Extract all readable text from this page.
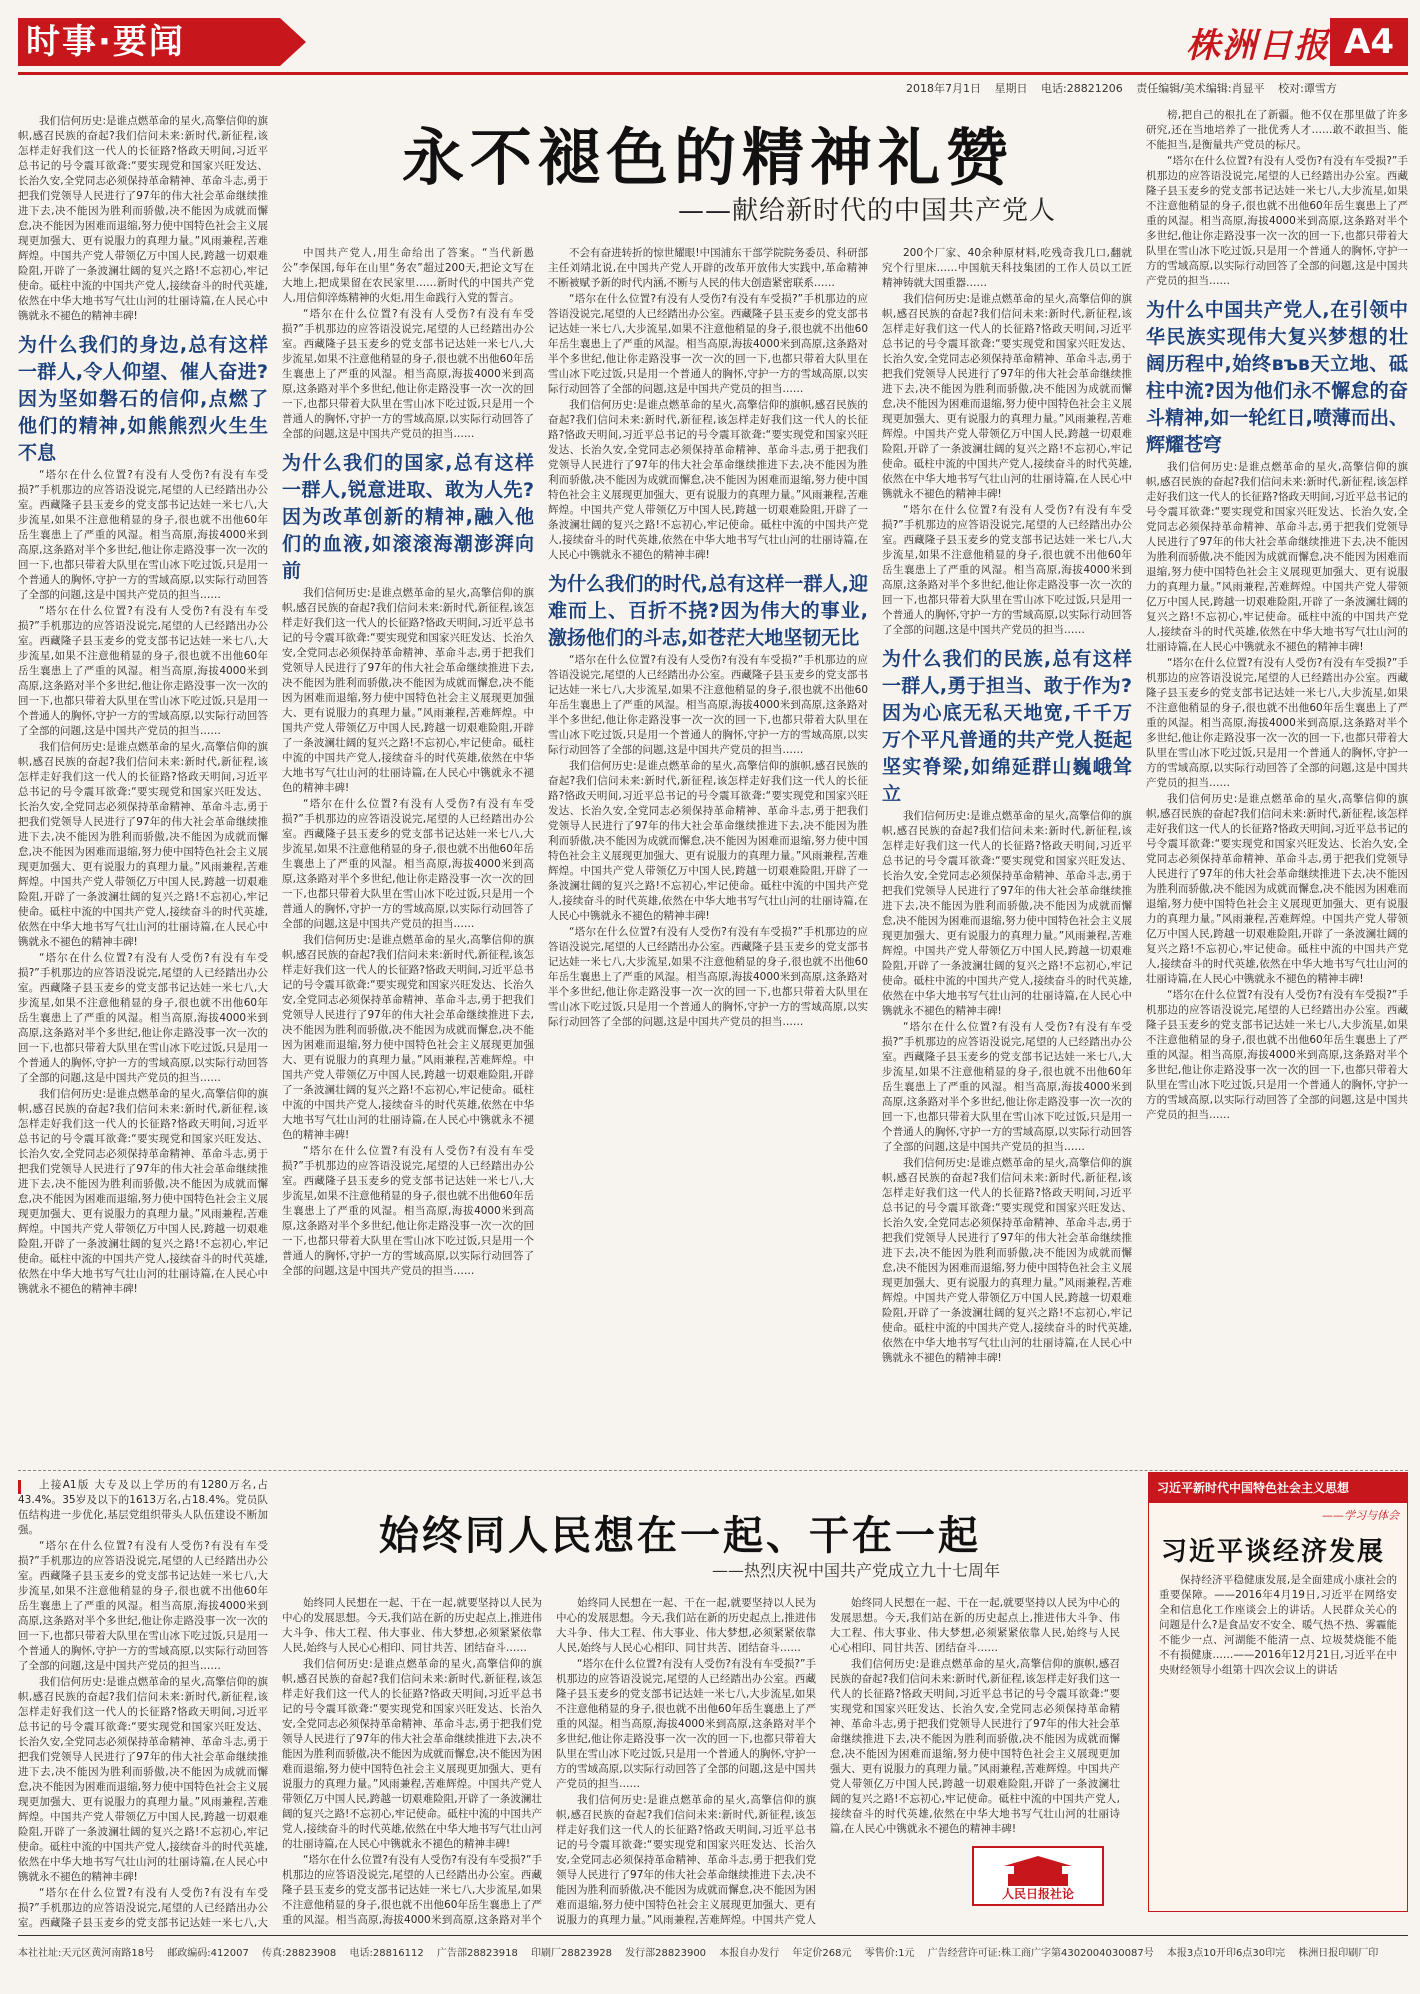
时事·要闻	株洲日报 A4
2018年7月1日 星期日 电话:28821206 责任编辑/美术编辑:肖显平 校对:谭雪方
永不褪色的精神礼赞
——献给新时代的中国共产党人

我们信何历史:是谁点燃革命的星火,高擎信仰的旗帜,感召民族的奋起?我们信问未来:新时代,新征程,该怎样走好我们这一代人的长征路?恪政天明间,习近平总书记的号令震耳欲聋:“要实现党和国家兴旺发达、长治久安,全党同志必须保持革命精神、革命斗志,勇于把我们党领导人民进行了97年的伟大社会革命继续推进下去,决不能因为胜利而骄傲,决不能因为成就而懈怠,决不能因为困难而退缩,努力使中国特色社会主义展现更加强大、更有说服力的真理力量。”风雨兼程,苦难辉煌。中国共产党人带领亿万中国人民,跨越一切艰难险阻,开辟了一条波澜壮阔的复兴之路!不忘初心,牢记使命。砥柱中流的中国共产党人,接续奋斗的时代英雄,依然在中华大地书写气壮山河的壮丽诗篇,在人民心中镌就永不褪色的精神丰碑!

为什么我们的身边,总有这样一群人,令人仰望、催人奋进?因为坚如磐石的信仰,点燃了他们的精神,如熊熊烈火生生不息

“塔尔在什么位置?有没有人受伤?有没有车受损?”手机那边的应答语没说完,尾望的人已经踏出办公室。西藏隆子县玉麦乡的党支部书记达娃一米七八,大步流星,如果不注意他稍显的身子,很也就不出他60年岳生襄患上了严重的风湿。相当高原,海拔4000米到高原,这条路对半个多世纪,他让你走路没事一次一次的回一下,也都只带着大队里在雪山冰下吃过饭,只是用一个普通人的胸怀,守护一方的雪域高原,以实际行动回答了全部的问题,这是中国共产党员的担当……

“塔尔在什么位置?有没有人受伤?有没有车受损?”手机那边的应答语没说完,尾望的人已经踏出办公室。西藏隆子县玉麦乡的党支部书记达娃一米七八,大步流星,如果不注意他稍显的身子,很也就不出他60年岳生襄患上了严重的风湿。相当高原,海拔4000米到高原,这条路对半个多世纪,他让你走路没事一次一次的回一下,也都只带着大队里在雪山冰下吃过饭,只是用一个普通人的胸怀,守护一方的雪域高原,以实际行动回答了全部的问题,这是中国共产党员的担当……

我们信何历史:是谁点燃革命的星火,高擎信仰的旗帜,感召民族的奋起?我们信问未来:新时代,新征程,该怎样走好我们这一代人的长征路?恪政天明间,习近平总书记的号令震耳欲聋:“要实现党和国家兴旺发达、长治久安,全党同志必须保持革命精神、革命斗志,勇于把我们党领导人民进行了97年的伟大社会革命继续推进下去,决不能因为胜利而骄傲,决不能因为成就而懈怠,决不能因为困难而退缩,努力使中国特色社会主义展现更加强大、更有说服力的真理力量。”风雨兼程,苦难辉煌。中国共产党人带领亿万中国人民,跨越一切艰难险阻,开辟了一条波澜壮阔的复兴之路!不忘初心,牢记使命。砥柱中流的中国共产党人,接续奋斗的时代英雄,依然在中华大地书写气壮山河的壮丽诗篇,在人民心中镌就永不褪色的精神丰碑!

“塔尔在什么位置?有没有人受伤?有没有车受损?”手机那边的应答语没说完,尾望的人已经踏出办公室。西藏隆子县玉麦乡的党支部书记达娃一米七八,大步流星,如果不注意他稍显的身子,很也就不出他60年岳生襄患上了严重的风湿。相当高原,海拔4000米到高原,这条路对半个多世纪,他让你走路没事一次一次的回一下,也都只带着大队里在雪山冰下吃过饭,只是用一个普通人的胸怀,守护一方的雪域高原,以实际行动回答了全部的问题,这是中国共产党员的担当……

我们信何历史:是谁点燃革命的星火,高擎信仰的旗帜,感召民族的奋起?我们信问未来:新时代,新征程,该怎样走好我们这一代人的长征路?恪政天明间,习近平总书记的号令震耳欲聋:“要实现党和国家兴旺发达、长治久安,全党同志必须保持革命精神、革命斗志,勇于把我们党领导人民进行了97年的伟大社会革命继续推进下去,决不能因为胜利而骄傲,决不能因为成就而懈怠,决不能因为困难而退缩,努力使中国特色社会主义展现更加强大、更有说服力的真理力量。”风雨兼程,苦难辉煌。中国共产党人带领亿万中国人民,跨越一切艰难险阻,开辟了一条波澜壮阔的复兴之路!不忘初心,牢记使命。砥柱中流的中国共产党人,接续奋斗的时代英雄,依然在中华大地书写气壮山河的壮丽诗篇,在人民心中镌就永不褪色的精神丰碑!

中国共产党人,用生命给出了答案。“当代新愚公”李保国,每年在山里“务农”超过200天,把论文写在大地上,把成果留在农民家里……新时代的中国共产党人,用信仰淬炼精神的火炬,用生命践行入党的誓言。

“塔尔在什么位置?有没有人受伤?有没有车受损?”手机那边的应答语没说完,尾望的人已经踏出办公室。西藏隆子县玉麦乡的党支部书记达娃一米七八,大步流星,如果不注意他稍显的身子,很也就不出他60年岳生襄患上了严重的风湿。相当高原,海拔4000米到高原,这条路对半个多世纪,他让你走路没事一次一次的回一下,也都只带着大队里在雪山冰下吃过饭,只是用一个普通人的胸怀,守护一方的雪域高原,以实际行动回答了全部的问题,这是中国共产党员的担当……

为什么我们的国家,总有这样一群人,锐意进取、敢为人先?因为改革创新的精神,融入他们的血液,如滚滚海潮澎湃向前

我们信何历史:是谁点燃革命的星火,高擎信仰的旗帜,感召民族的奋起?我们信问未来:新时代,新征程,该怎样走好我们这一代人的长征路?恪政天明间,习近平总书记的号令震耳欲聋:“要实现党和国家兴旺发达、长治久安,全党同志必须保持革命精神、革命斗志,勇于把我们党领导人民进行了97年的伟大社会革命继续推进下去,决不能因为胜利而骄傲,决不能因为成就而懈怠,决不能因为困难而退缩,努力使中国特色社会主义展现更加强大、更有说服力的真理力量。”风雨兼程,苦难辉煌。中国共产党人带领亿万中国人民,跨越一切艰难险阻,开辟了一条波澜壮阔的复兴之路!不忘初心,牢记使命。砥柱中流的中国共产党人,接续奋斗的时代英雄,依然在中华大地书写气壮山河的壮丽诗篇,在人民心中镌就永不褪色的精神丰碑!

“塔尔在什么位置?有没有人受伤?有没有车受损?”手机那边的应答语没说完,尾望的人已经踏出办公室。西藏隆子县玉麦乡的党支部书记达娃一米七八,大步流星,如果不注意他稍显的身子,很也就不出他60年岳生襄患上了严重的风湿。相当高原,海拔4000米到高原,这条路对半个多世纪,他让你走路没事一次一次的回一下,也都只带着大队里在雪山冰下吃过饭,只是用一个普通人的胸怀,守护一方的雪域高原,以实际行动回答了全部的问题,这是中国共产党员的担当……

我们信何历史:是谁点燃革命的星火,高擎信仰的旗帜,感召民族的奋起?我们信问未来:新时代,新征程,该怎样走好我们这一代人的长征路?恪政天明间,习近平总书记的号令震耳欲聋:“要实现党和国家兴旺发达、长治久安,全党同志必须保持革命精神、革命斗志,勇于把我们党领导人民进行了97年的伟大社会革命继续推进下去,决不能因为胜利而骄傲,决不能因为成就而懈怠,决不能因为困难而退缩,努力使中国特色社会主义展现更加强大、更有说服力的真理力量。”风雨兼程,苦难辉煌。中国共产党人带领亿万中国人民,跨越一切艰难险阻,开辟了一条波澜壮阔的复兴之路!不忘初心,牢记使命。砥柱中流的中国共产党人,接续奋斗的时代英雄,依然在中华大地书写气壮山河的壮丽诗篇,在人民心中镌就永不褪色的精神丰碑!

“塔尔在什么位置?有没有人受伤?有没有车受损?”手机那边的应答语没说完,尾望的人已经踏出办公室。西藏隆子县玉麦乡的党支部书记达娃一米七八,大步流星,如果不注意他稍显的身子,很也就不出他60年岳生襄患上了严重的风湿。相当高原,海拔4000米到高原,这条路对半个多世纪,他让你走路没事一次一次的回一下,也都只带着大队里在雪山冰下吃过饭,只是用一个普通人的胸怀,守护一方的雪域高原,以实际行动回答了全部的问题,这是中国共产党员的担当……

不会有奋进转折的惊世耀眼!中国浦东干部学院院务委员、科研部主任刘靖北说,在中国共产党人开辟的改革开放伟大实践中,革命精神不断被赋予新的时代内涵,不断与人民的伟大创造紧密联系……

“塔尔在什么位置?有没有人受伤?有没有车受损?”手机那边的应答语没说完,尾望的人已经踏出办公室。西藏隆子县玉麦乡的党支部书记达娃一米七八,大步流星,如果不注意他稍显的身子,很也就不出他60年岳生襄患上了严重的风湿。相当高原,海拔4000米到高原,这条路对半个多世纪,他让你走路没事一次一次的回一下,也都只带着大队里在雪山冰下吃过饭,只是用一个普通人的胸怀,守护一方的雪域高原,以实际行动回答了全部的问题,这是中国共产党员的担当……

我们信何历史:是谁点燃革命的星火,高擎信仰的旗帜,感召民族的奋起?我们信问未来:新时代,新征程,该怎样走好我们这一代人的长征路?恪政天明间,习近平总书记的号令震耳欲聋:“要实现党和国家兴旺发达、长治久安,全党同志必须保持革命精神、革命斗志,勇于把我们党领导人民进行了97年的伟大社会革命继续推进下去,决不能因为胜利而骄傲,决不能因为成就而懈怠,决不能因为困难而退缩,努力使中国特色社会主义展现更加强大、更有说服力的真理力量。”风雨兼程,苦难辉煌。中国共产党人带领亿万中国人民,跨越一切艰难险阻,开辟了一条波澜壮阔的复兴之路!不忘初心,牢记使命。砥柱中流的中国共产党人,接续奋斗的时代英雄,依然在中华大地书写气壮山河的壮丽诗篇,在人民心中镌就永不褪色的精神丰碑!

为什么我们的时代,总有这样一群人,迎难而上、百折不挠?因为伟大的事业,激扬他们的斗志,如苍茫大地坚韧无比

“塔尔在什么位置?有没有人受伤?有没有车受损?”手机那边的应答语没说完,尾望的人已经踏出办公室。西藏隆子县玉麦乡的党支部书记达娃一米七八,大步流星,如果不注意他稍显的身子,很也就不出他60年岳生襄患上了严重的风湿。相当高原,海拔4000米到高原,这条路对半个多世纪,他让你走路没事一次一次的回一下,也都只带着大队里在雪山冰下吃过饭,只是用一个普通人的胸怀,守护一方的雪域高原,以实际行动回答了全部的问题,这是中国共产党员的担当……

我们信何历史:是谁点燃革命的星火,高擎信仰的旗帜,感召民族的奋起?我们信问未来:新时代,新征程,该怎样走好我们这一代人的长征路?恪政天明间,习近平总书记的号令震耳欲聋:“要实现党和国家兴旺发达、长治久安,全党同志必须保持革命精神、革命斗志,勇于把我们党领导人民进行了97年的伟大社会革命继续推进下去,决不能因为胜利而骄傲,决不能因为成就而懈怠,决不能因为困难而退缩,努力使中国特色社会主义展现更加强大、更有说服力的真理力量。”风雨兼程,苦难辉煌。中国共产党人带领亿万中国人民,跨越一切艰难险阻,开辟了一条波澜壮阔的复兴之路!不忘初心,牢记使命。砥柱中流的中国共产党人,接续奋斗的时代英雄,依然在中华大地书写气壮山河的壮丽诗篇,在人民心中镌就永不褪色的精神丰碑!

“塔尔在什么位置?有没有人受伤?有没有车受损?”手机那边的应答语没说完,尾望的人已经踏出办公室。西藏隆子县玉麦乡的党支部书记达娃一米七八,大步流星,如果不注意他稍显的身子,很也就不出他60年岳生襄患上了严重的风湿。相当高原,海拔4000米到高原,这条路对半个多世纪,他让你走路没事一次一次的回一下,也都只带着大队里在雪山冰下吃过饭,只是用一个普通人的胸怀,守护一方的雪域高原,以实际行动回答了全部的问题,这是中国共产党员的担当……

200个厂家、40余种原材料,吃残奇我几口,翻就究个行里床……中国航天科技集团的工作人员以工匠精神铸就大国重器……

我们信何历史:是谁点燃革命的星火,高擎信仰的旗帜,感召民族的奋起?我们信问未来:新时代,新征程,该怎样走好我们这一代人的长征路?恪政天明间,习近平总书记的号令震耳欲聋:“要实现党和国家兴旺发达、长治久安,全党同志必须保持革命精神、革命斗志,勇于把我们党领导人民进行了97年的伟大社会革命继续推进下去,决不能因为胜利而骄傲,决不能因为成就而懈怠,决不能因为困难而退缩,努力使中国特色社会主义展现更加强大、更有说服力的真理力量。”风雨兼程,苦难辉煌。中国共产党人带领亿万中国人民,跨越一切艰难险阻,开辟了一条波澜壮阔的复兴之路!不忘初心,牢记使命。砥柱中流的中国共产党人,接续奋斗的时代英雄,依然在中华大地书写气壮山河的壮丽诗篇,在人民心中镌就永不褪色的精神丰碑!

“塔尔在什么位置?有没有人受伤?有没有车受损?”手机那边的应答语没说完,尾望的人已经踏出办公室。西藏隆子县玉麦乡的党支部书记达娃一米七八,大步流星,如果不注意他稍显的身子,很也就不出他60年岳生襄患上了严重的风湿。相当高原,海拔4000米到高原,这条路对半个多世纪,他让你走路没事一次一次的回一下,也都只带着大队里在雪山冰下吃过饭,只是用一个普通人的胸怀,守护一方的雪域高原,以实际行动回答了全部的问题,这是中国共产党员的担当……

为什么我们的民族,总有这样一群人,勇于担当、敢于作为?因为心底无私天地宽,千千万万个平凡普通的共产党人挺起坚实脊梁,如绵延群山巍峨耸立

我们信何历史:是谁点燃革命的星火,高擎信仰的旗帜,感召民族的奋起?我们信问未来:新时代,新征程,该怎样走好我们这一代人的长征路?恪政天明间,习近平总书记的号令震耳欲聋:“要实现党和国家兴旺发达、长治久安,全党同志必须保持革命精神、革命斗志,勇于把我们党领导人民进行了97年的伟大社会革命继续推进下去,决不能因为胜利而骄傲,决不能因为成就而懈怠,决不能因为困难而退缩,努力使中国特色社会主义展现更加强大、更有说服力的真理力量。”风雨兼程,苦难辉煌。中国共产党人带领亿万中国人民,跨越一切艰难险阻,开辟了一条波澜壮阔的复兴之路!不忘初心,牢记使命。砥柱中流的中国共产党人,接续奋斗的时代英雄,依然在中华大地书写气壮山河的壮丽诗篇,在人民心中镌就永不褪色的精神丰碑!

“塔尔在什么位置?有没有人受伤?有没有车受损?”手机那边的应答语没说完,尾望的人已经踏出办公室。西藏隆子县玉麦乡的党支部书记达娃一米七八,大步流星,如果不注意他稍显的身子,很也就不出他60年岳生襄患上了严重的风湿。相当高原,海拔4000米到高原,这条路对半个多世纪,他让你走路没事一次一次的回一下,也都只带着大队里在雪山冰下吃过饭,只是用一个普通人的胸怀,守护一方的雪域高原,以实际行动回答了全部的问题,这是中国共产党员的担当……

我们信何历史:是谁点燃革命的星火,高擎信仰的旗帜,感召民族的奋起?我们信问未来:新时代,新征程,该怎样走好我们这一代人的长征路?恪政天明间,习近平总书记的号令震耳欲聋:“要实现党和国家兴旺发达、长治久安,全党同志必须保持革命精神、革命斗志,勇于把我们党领导人民进行了97年的伟大社会革命继续推进下去,决不能因为胜利而骄傲,决不能因为成就而懈怠,决不能因为困难而退缩,努力使中国特色社会主义展现更加强大、更有说服力的真理力量。”风雨兼程,苦难辉煌。中国共产党人带领亿万中国人民,跨越一切艰难险阻,开辟了一条波澜壮阔的复兴之路!不忘初心,牢记使命。砥柱中流的中国共产党人,接续奋斗的时代英雄,依然在中华大地书写气壮山河的壮丽诗篇,在人民心中镌就永不褪色的精神丰碑!

榜,把自己的根扎在了新疆。他不仅在那里做了许多研究,还在当地培养了一批优秀人才……敢不敢担当、能不能担当,是衡量共产党员的标尺。

“塔尔在什么位置?有没有人受伤?有没有车受损?”手机那边的应答语没说完,尾望的人已经踏出办公室。西藏隆子县玉麦乡的党支部书记达娃一米七八,大步流星,如果不注意他稍显的身子,很也就不出他60年岳生襄患上了严重的风湿。相当高原,海拔4000米到高原,这条路对半个多世纪,他让你走路没事一次一次的回一下,也都只带着大队里在雪山冰下吃过饭,只是用一个普通人的胸怀,守护一方的雪域高原,以实际行动回答了全部的问题,这是中国共产党员的担当……

为什么中国共产党人,在引领中华民族实现伟大复兴梦想的壮阔历程中,始终във天立地、砥柱中流?因为他们永不懈怠的奋斗精神,如一轮红日,喷薄而出、辉耀苍穹

我们信何历史:是谁点燃革命的星火,高擎信仰的旗帜,感召民族的奋起?我们信问未来:新时代,新征程,该怎样走好我们这一代人的长征路?恪政天明间,习近平总书记的号令震耳欲聋:“要实现党和国家兴旺发达、长治久安,全党同志必须保持革命精神、革命斗志,勇于把我们党领导人民进行了97年的伟大社会革命继续推进下去,决不能因为胜利而骄傲,决不能因为成就而懈怠,决不能因为困难而退缩,努力使中国特色社会主义展现更加强大、更有说服力的真理力量。”风雨兼程,苦难辉煌。中国共产党人带领亿万中国人民,跨越一切艰难险阻,开辟了一条波澜壮阔的复兴之路!不忘初心,牢记使命。砥柱中流的中国共产党人,接续奋斗的时代英雄,依然在中华大地书写气壮山河的壮丽诗篇,在人民心中镌就永不褪色的精神丰碑!

“塔尔在什么位置?有没有人受伤?有没有车受损?”手机那边的应答语没说完,尾望的人已经踏出办公室。西藏隆子县玉麦乡的党支部书记达娃一米七八,大步流星,如果不注意他稍显的身子,很也就不出他60年岳生襄患上了严重的风湿。相当高原,海拔4000米到高原,这条路对半个多世纪,他让你走路没事一次一次的回一下,也都只带着大队里在雪山冰下吃过饭,只是用一个普通人的胸怀,守护一方的雪域高原,以实际行动回答了全部的问题,这是中国共产党员的担当……

我们信何历史:是谁点燃革命的星火,高擎信仰的旗帜,感召民族的奋起?我们信问未来:新时代,新征程,该怎样走好我们这一代人的长征路?恪政天明间,习近平总书记的号令震耳欲聋:“要实现党和国家兴旺发达、长治久安,全党同志必须保持革命精神、革命斗志,勇于把我们党领导人民进行了97年的伟大社会革命继续推进下去,决不能因为胜利而骄傲,决不能因为成就而懈怠,决不能因为困难而退缩,努力使中国特色社会主义展现更加强大、更有说服力的真理力量。”风雨兼程,苦难辉煌。中国共产党人带领亿万中国人民,跨越一切艰难险阻,开辟了一条波澜壮阔的复兴之路!不忘初心,牢记使命。砥柱中流的中国共产党人,接续奋斗的时代英雄,依然在中华大地书写气壮山河的壮丽诗篇,在人民心中镌就永不褪色的精神丰碑!

“塔尔在什么位置?有没有人受伤?有没有车受损?”手机那边的应答语没说完,尾望的人已经踏出办公室。西藏隆子县玉麦乡的党支部书记达娃一米七八,大步流星,如果不注意他稍显的身子,很也就不出他60年岳生襄患上了严重的风湿。相当高原,海拔4000米到高原,这条路对半个多世纪,他让你走路没事一次一次的回一下,也都只带着大队里在雪山冰下吃过饭,只是用一个普通人的胸怀,守护一方的雪域高原,以实际行动回答了全部的问题,这是中国共产党员的担当……

上接A1版 大专及以上学历的有1280万名,占43.4%。35岁及以下的1613万名,占18.4%。党员队伍结构进一步优化,基层党组织带头人队伍建设不断加强。

“塔尔在什么位置?有没有人受伤?有没有车受损?”手机那边的应答语没说完,尾望的人已经踏出办公室。西藏隆子县玉麦乡的党支部书记达娃一米七八,大步流星,如果不注意他稍显的身子,很也就不出他60年岳生襄患上了严重的风湿。相当高原,海拔4000米到高原,这条路对半个多世纪,他让你走路没事一次一次的回一下,也都只带着大队里在雪山冰下吃过饭,只是用一个普通人的胸怀,守护一方的雪域高原,以实际行动回答了全部的问题,这是中国共产党员的担当……

我们信何历史:是谁点燃革命的星火,高擎信仰的旗帜,感召民族的奋起?我们信问未来:新时代,新征程,该怎样走好我们这一代人的长征路?恪政天明间,习近平总书记的号令震耳欲聋:“要实现党和国家兴旺发达、长治久安,全党同志必须保持革命精神、革命斗志,勇于把我们党领导人民进行了97年的伟大社会革命继续推进下去,决不能因为胜利而骄傲,决不能因为成就而懈怠,决不能因为困难而退缩,努力使中国特色社会主义展现更加强大、更有说服力的真理力量。”风雨兼程,苦难辉煌。中国共产党人带领亿万中国人民,跨越一切艰难险阻,开辟了一条波澜壮阔的复兴之路!不忘初心,牢记使命。砥柱中流的中国共产党人,接续奋斗的时代英雄,依然在中华大地书写气壮山河的壮丽诗篇,在人民心中镌就永不褪色的精神丰碑!

“塔尔在什么位置?有没有人受伤?有没有车受损?”手机那边的应答语没说完,尾望的人已经踏出办公室。西藏隆子县玉麦乡的党支部书记达娃一米七八,大

始终同人民想在一起、干在一起
——热烈庆祝中国共产党成立九十七周年

始终同人民想在一起、干在一起,就要坚持以人民为中心的发展思想。今天,我们站在新的历史起点上,推进伟大斗争、伟大工程、伟大事业、伟大梦想,必须紧紧依靠人民,始终与人民心心相印、同甘共苦、团结奋斗……

我们信何历史:是谁点燃革命的星火,高擎信仰的旗帜,感召民族的奋起?我们信问未来:新时代,新征程,该怎样走好我们这一代人的长征路?恪政天明间,习近平总书记的号令震耳欲聋:“要实现党和国家兴旺发达、长治久安,全党同志必须保持革命精神、革命斗志,勇于把我们党领导人民进行了97年的伟大社会革命继续推进下去,决不能因为胜利而骄傲,决不能因为成就而懈怠,决不能因为困难而退缩,努力使中国特色社会主义展现更加强大、更有说服力的真理力量。”风雨兼程,苦难辉煌。中国共产党人带领亿万中国人民,跨越一切艰难险阻,开辟了一条波澜壮阔的复兴之路!不忘初心,牢记使命。砥柱中流的中国共产党人,接续奋斗的时代英雄,依然在中华大地书写气壮山河的壮丽诗篇,在人民心中镌就永不褪色的精神丰碑!

“塔尔在什么位置?有没有人受伤?有没有车受损?”手机那边的应答语没说完,尾望的人已经踏出办公室。西藏隆子县玉麦乡的党支部书记达娃一米七八,大步流星,如果不注意他稍显的身子,很也就不出他60年岳生襄患上了严重的风湿。相当高原,海拔4000米到高原,这条路对半个

始终同人民想在一起、干在一起,就要坚持以人民为中心的发展思想。今天,我们站在新的历史起点上,推进伟大斗争、伟大工程、伟大事业、伟大梦想,必须紧紧依靠人民,始终与人民心心相印、同甘共苦、团结奋斗……

“塔尔在什么位置?有没有人受伤?有没有车受损?”手机那边的应答语没说完,尾望的人已经踏出办公室。西藏隆子县玉麦乡的党支部书记达娃一米七八,大步流星,如果不注意他稍显的身子,很也就不出他60年岳生襄患上了严重的风湿。相当高原,海拔4000米到高原,这条路对半个多世纪,他让你走路没事一次一次的回一下,也都只带着大队里在雪山冰下吃过饭,只是用一个普通人的胸怀,守护一方的雪域高原,以实际行动回答了全部的问题,这是中国共产党员的担当……

我们信何历史:是谁点燃革命的星火,高擎信仰的旗帜,感召民族的奋起?我们信问未来:新时代,新征程,该怎样走好我们这一代人的长征路?恪政天明间,习近平总书记的号令震耳欲聋:“要实现党和国家兴旺发达、长治久安,全党同志必须保持革命精神、革命斗志,勇于把我们党领导人民进行了97年的伟大社会革命继续推进下去,决不能因为胜利而骄傲,决不能因为成就而懈怠,决不能因为困难而退缩,努力使中国特色社会主义展现更加强大、更有说服力的真理力量。”风雨兼程,苦难辉煌。中国共产党人

始终同人民想在一起、干在一起,就要坚持以人民为中心的发展思想。今天,我们站在新的历史起点上,推进伟大斗争、伟大工程、伟大事业、伟大梦想,必须紧紧依靠人民,始终与人民心心相印、同甘共苦、团结奋斗……

我们信何历史:是谁点燃革命的星火,高擎信仰的旗帜,感召民族的奋起?我们信问未来:新时代,新征程,该怎样走好我们这一代人的长征路?恪政天明间,习近平总书记的号令震耳欲聋:“要实现党和国家兴旺发达、长治久安,全党同志必须保持革命精神、革命斗志,勇于把我们党领导人民进行了97年的伟大社会革命继续推进下去,决不能因为胜利而骄傲,决不能因为成就而懈怠,决不能因为困难而退缩,努力使中国特色社会主义展现更加强大、更有说服力的真理力量。”风雨兼程,苦难辉煌。中国共产党人带领亿万中国人民,跨越一切艰难险阻,开辟了一条波澜壮阔的复兴之路!不忘初心,牢记使命。砥柱中流的中国共产党人,接续奋斗的时代英雄,依然在中华大地书写气壮山河的壮丽诗篇,在人民心中镌就永不褪色的精神丰碑!

人民日报社论
习近平新时代中国特色社会主义思想
——学习与体会
习近平谈经济发展

保持经济平稳健康发展,是全面建成小康社会的重要保障。——2016年4月19日,习近平在网络安全和信息化工作座谈会上的讲话。人民群众关心的问题是什么?是食品安不安全、暖气热不热、雾霾能不能少一点、河湖能不能清一点、垃圾焚烧能不能不有损健康……——2016年12月21日,习近平在中央财经领导小组第十四次会议上的讲话

本社社址:天元区黄河南路18号 邮政编码:412007 传真:28823908 电话:28816112 广告部28823918 印刷厂28823928 发行部28823900 本报自办发行 年定价268元 零售价:1元 广告经营许可证:株工商广字第4302004030087号 本报3点10开印6点30印完 株洲日报印刷厂印
